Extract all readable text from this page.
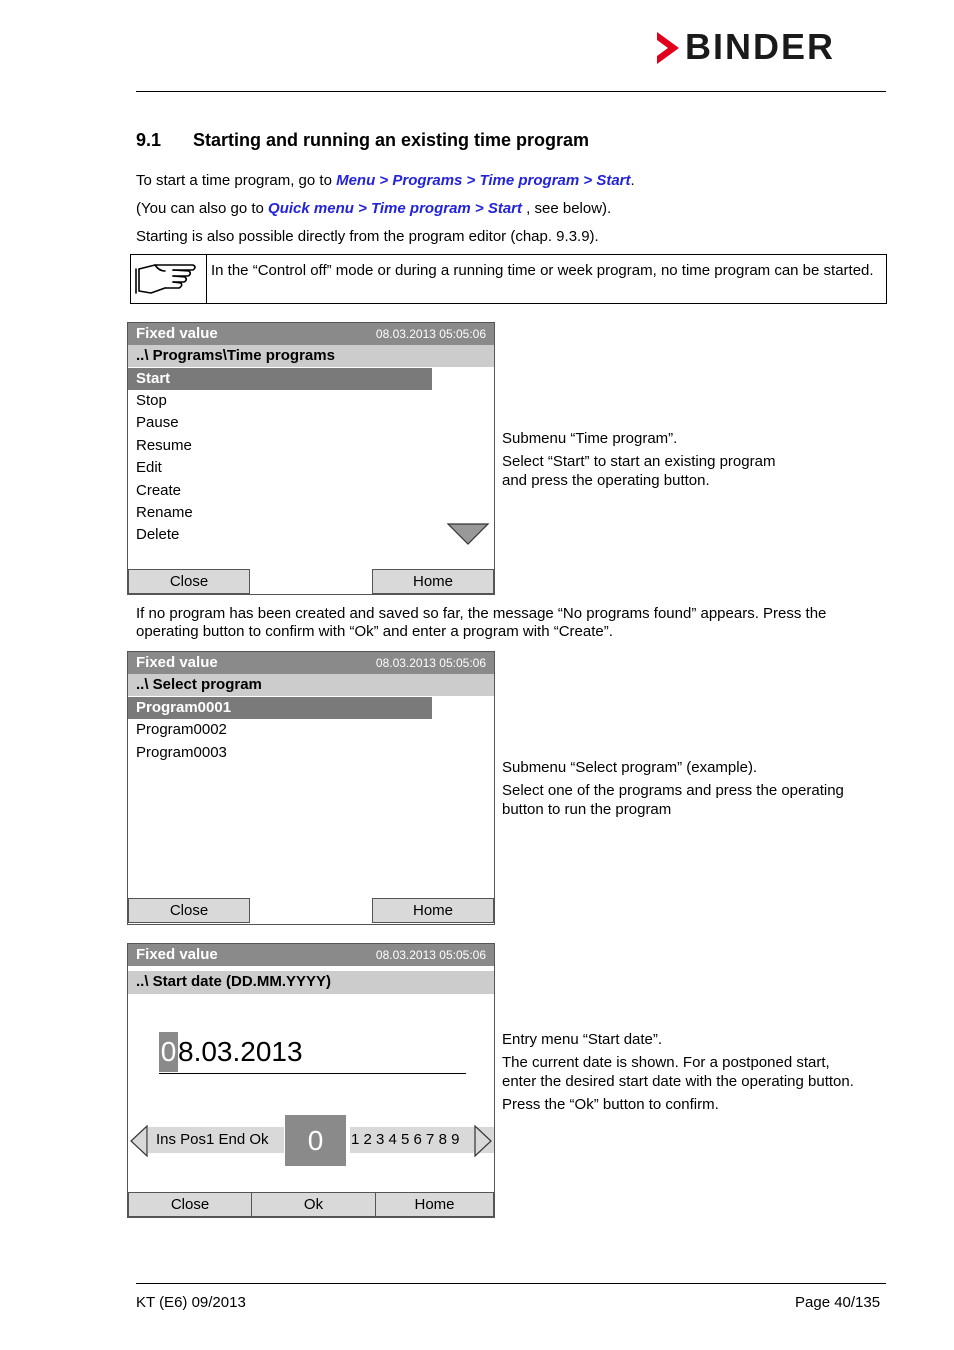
BINDER
9.1 Starting and running an existing time program
To start a time program, go to Menu > Programs > Time program > Start.
(You can also go to Quick menu > Time program > Start , see below).
Starting is also possible directly from the program editor (chap. 9.3.9).
In the “Control off” mode or during a running time or week program, no time program can be started.
Fixed value	08.03.2013 05:05:06
..\ Programs\Time programs
Start
Stop
Pause
Resume
Edit
Create
Rename
Delete
Close	Home

Submenu “Time program”.

Select “Start” to start an existing program and press the operating button.

If no program has been created and saved so far, the message “No programs found” appears. Press the operating button to confirm with “Ok” and enter a program with “Create”.
Fixed value	08.03.2013 05:05:06
..\ Select program
Program0001
Program0002
Program0003
Close	Home

Submenu “Select program” (example).

Select one of the programs and press the operating button to run the program

Fixed value	08.03.2013 05:05:06
..\ Start date (DD.MM.YYYY)
08.03.2013
Ins Pos1 End Ok	0	1 2 3 4 5 6 7 8 9
Close	Ok	Home

Entry menu “Start date”.

The current date is shown. For a postponed start, enter the desired start date with the operating button.

Press the “Ok” button to confirm.

KT (E6) 09/2013	Page 40/135
